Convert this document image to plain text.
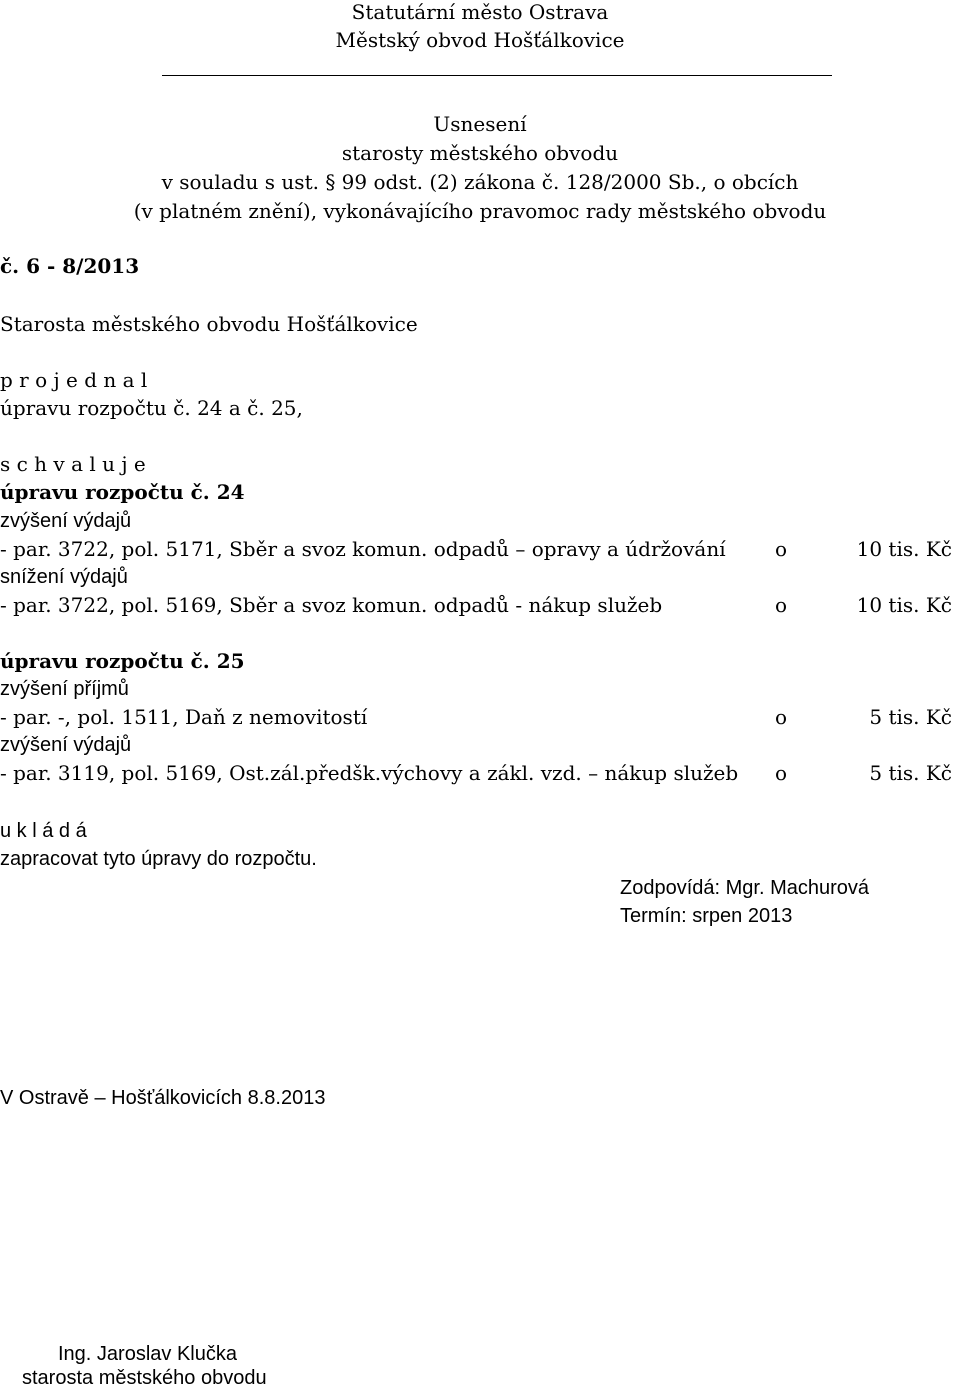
Statutární město Ostrava
Městský obvod Hošťálkovice
Usnesení
starosty městského obvodu
v souladu s ust. § 99 odst. (2) zákona č. 128/2000 Sb., o obcích
(v platném znění), vykonávajícího pravomoc rady městského obvodu
č. 6 - 8/2013
Starosta městského obvodu Hošťálkovice
p r o j e d n a l
úpravu rozpočtu č. 24 a č. 25,
s c h v a l u j e
úpravu rozpočtu č. 24
zvýšení výdajů
- par. 3722, pol. 5171, Sběr a svoz komun. odpadů – opravy a údržování o	10 tis. Kč
snížení výdajů
- par. 3722, pol. 5169, Sběr a svoz komun. odpadů - nákup služeb	o	10 tis. Kč
úpravu rozpočtu č. 25
zvýšení příjmů
- par. -, pol. 1511, Daň z nemovitostí	o	5 tis. Kč
zvýšení výdajů
- par. 3119, pol. 5169, Ost.zál.předšk.výchovy a zákl. vzd. – nákup služeb o	5 tis. Kč
u k l á d á
zapracovat tyto úpravy do rozpočtu.
Zodpovídá: Mgr. Machurová
Termín: srpen 2013
V Ostravě – Hošťálkovicích 8.8.2013
Ing. Jaroslav Klučka
starosta městského obvodu
